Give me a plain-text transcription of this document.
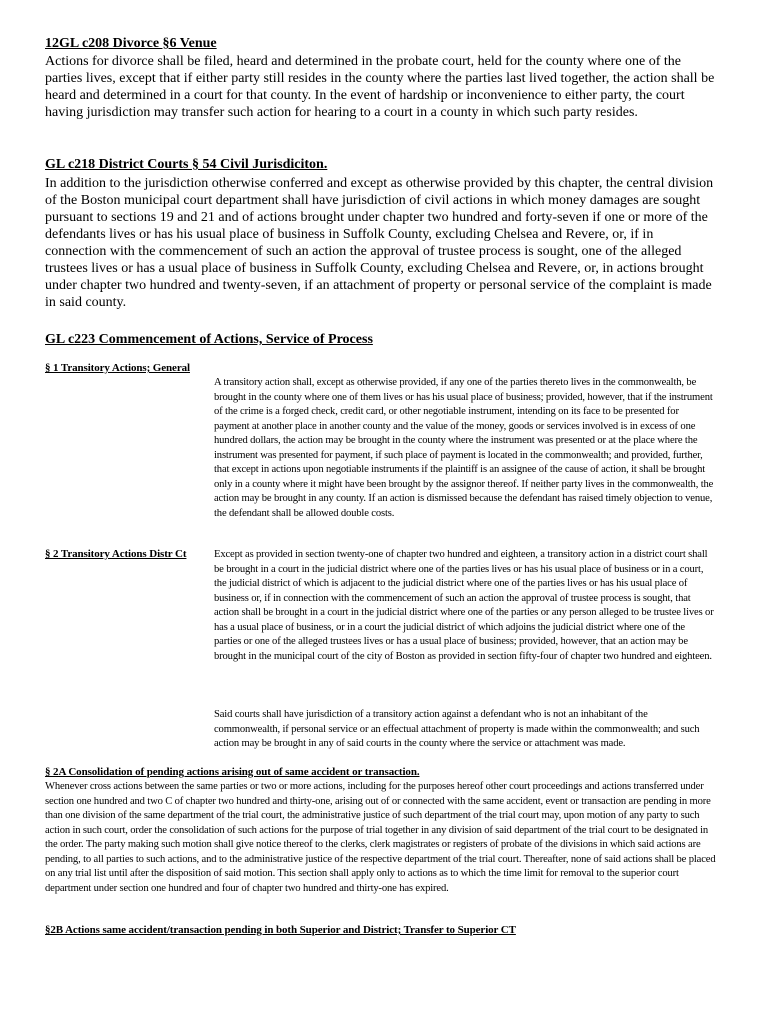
12GL c208 Divorce §6 Venue

Actions for divorce shall be filed, heard and determined in the probate court, held for the county where one of the parties lives, except that if either party still resides in the county where the parties last lived together, the action shall be heard and determined in a court for that county. In the event of hardship or inconvenience to either party, the court having jurisdiction may transfer such action for hearing to a court in a county in which such party resides.

GL c218 District Courts § 54 Civil Jurisdiciton.

In addition to the jurisdiction otherwise conferred and except as otherwise provided by this chapter, the central division of the Boston municipal court department shall have jurisdiction of civil actions in which money damages are sought pursuant to sections 19 and 21 and of actions brought under chapter two hundred and forty-seven if one or more of the defendants lives or has his usual place of business in Suffolk County, excluding Chelsea and Revere, or, if in connection with the commencement of such an action the approval of trustee process is sought, one of the alleged trustees lives or has a usual place of business in Suffolk County, excluding Chelsea and Revere, or, in actions brought under chapter two hundred and twenty-seven, if an attachment of property or personal service of the complaint is made in said county.

GL c223 Commencement of Actions, Service of Process
§ 1 Transitory Actions; General

A transitory action shall, except as otherwise provided, if any one of the parties thereto lives in the commonwealth, be brought in the county where one of them lives or has his usual place of business; provided, however, that if the instrument of the crime is a forged check, credit card, or other negotiable instrument, intending on its face to be presented for payment at another place in another county and the value of the money, goods or services involved is in excess of one hundred dollars, the action may be brought in the county where the instrument was presented or at the place where the instrument was presented for payment, if such place of payment is located in the commonwealth; and provided, further, that except in actions upon negotiable instruments if the plaintiff is an assignee of the cause of action, it shall be brought only in a county where it might have been brought by the assignor thereof. If neither party lives in the commonwealth, the action may be brought in any county. If an action is dismissed because the defendant has raised timely objection to venue, the defendant shall be allowed double costs.

§ 2 Transitory Actions Distr Ct	Except as provided in section twenty-one of chapter two hundred and eighteen, a transitory action in a district court shall be brought in a court in the judicial district where one of the parties lives or has his usual place of business or in a court, the judicial district of which is adjacent to the judicial district where one of the parties lives or has his usual place of business or, if in connection with the commencement of such an action the approval of trustee process is sought, that action shall be brought in a court in the judicial district where one of the parties or any person alleged to be trustee lives or has a usual place of business, or in a court the judicial district of which adjoins the judicial district where one of the parties or one of the alleged trustees lives or has a usual place of business; provided, however, that an action may be brought in the municipal court of the city of Boston as provided in section fifty-four of chapter two hundred and eighteen.

Said courts shall have jurisdiction of a transitory action against a defendant who is not an inhabitant of the commonwealth, if personal service or an effectual attachment of property is made within the commonwealth; and such action may be brought in any of said courts in the county where the service or attachment was made.

§ 2A Consolidation of pending actions arising out of same accident or transaction.

Whenever cross actions between the same parties or two or more actions, including for the purposes hereof other court proceedings and actions transferred under section one hundred and two C of chapter two hundred and thirty-one, arising out of or connected with the same accident, event or transaction are pending in more than one division of the same department of the trial court, the administrative justice of such department of the trial court may, upon motion of any party to such action in such court, order the consolidation of such actions for the purpose of trial together in any division of said department of the trial court to be designated in the order. The party making such motion shall give notice thereof to the clerks, clerk magistrates or registers of probate of the divisions in which said actions are pending, to all parties to such actions, and to the administrative justice of the respective department of the trial court. Thereafter, none of said actions shall be placed on any trial list until after the disposition of said motion. This section shall apply only to actions as to which the time limit for removal to the superior court department under section one hundred and four of chapter two hundred and thirty-one has expired.

§2B Actions same accident/transaction pending in both Superior and District; Transfer to Superior CT
